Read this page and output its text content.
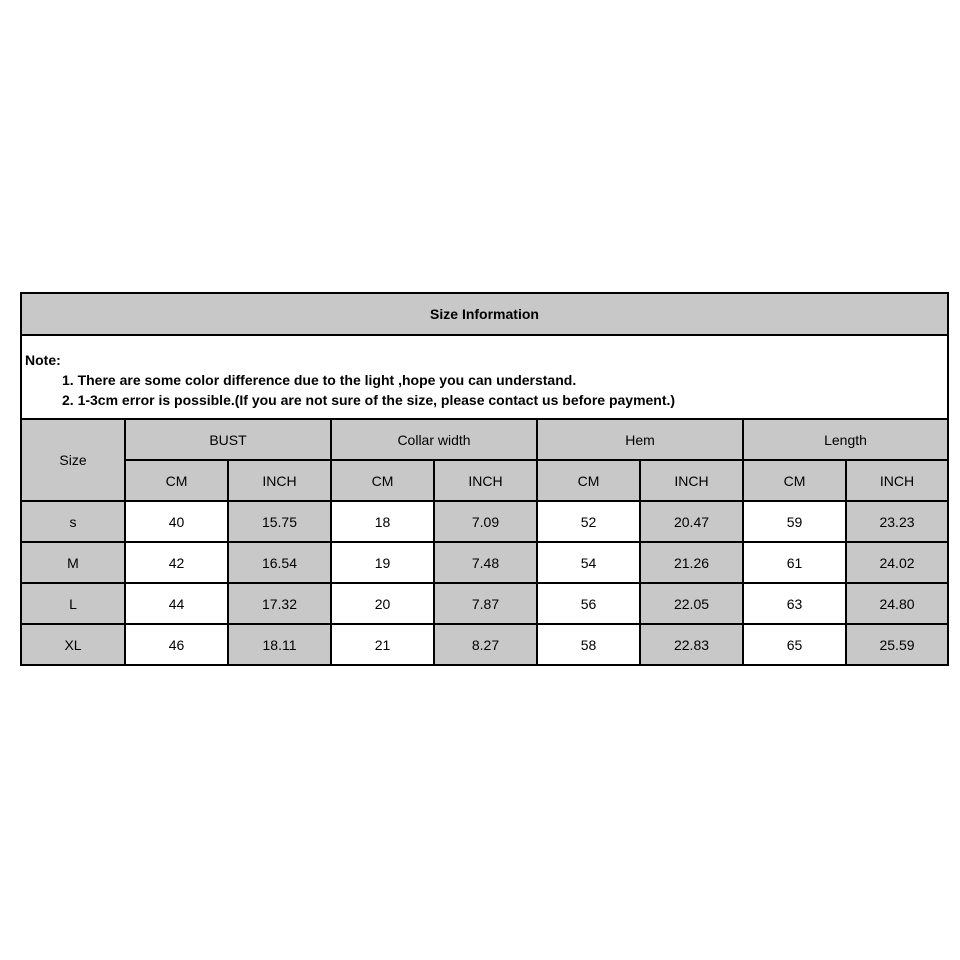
Size Information
Note:
1. There are some color difference due to the light ,hope you can understand.
2. 1-3cm error is possible.(If you are not sure of the size, please contact us before payment.)
Size	BUST		Collar width		Hem		Length	
	CM	INCH	CM	INCH	CM	INCH	CM	INCH
s	40	15.75	18	7.09	52	20.47	59	23.23
M	42	16.54	19	7.48	54	21.26	61	24.02
L	44	17.32	20	7.87	56	22.05	63	24.80
XL	46	18.11	21	8.27	58	22.83	65	25.59
